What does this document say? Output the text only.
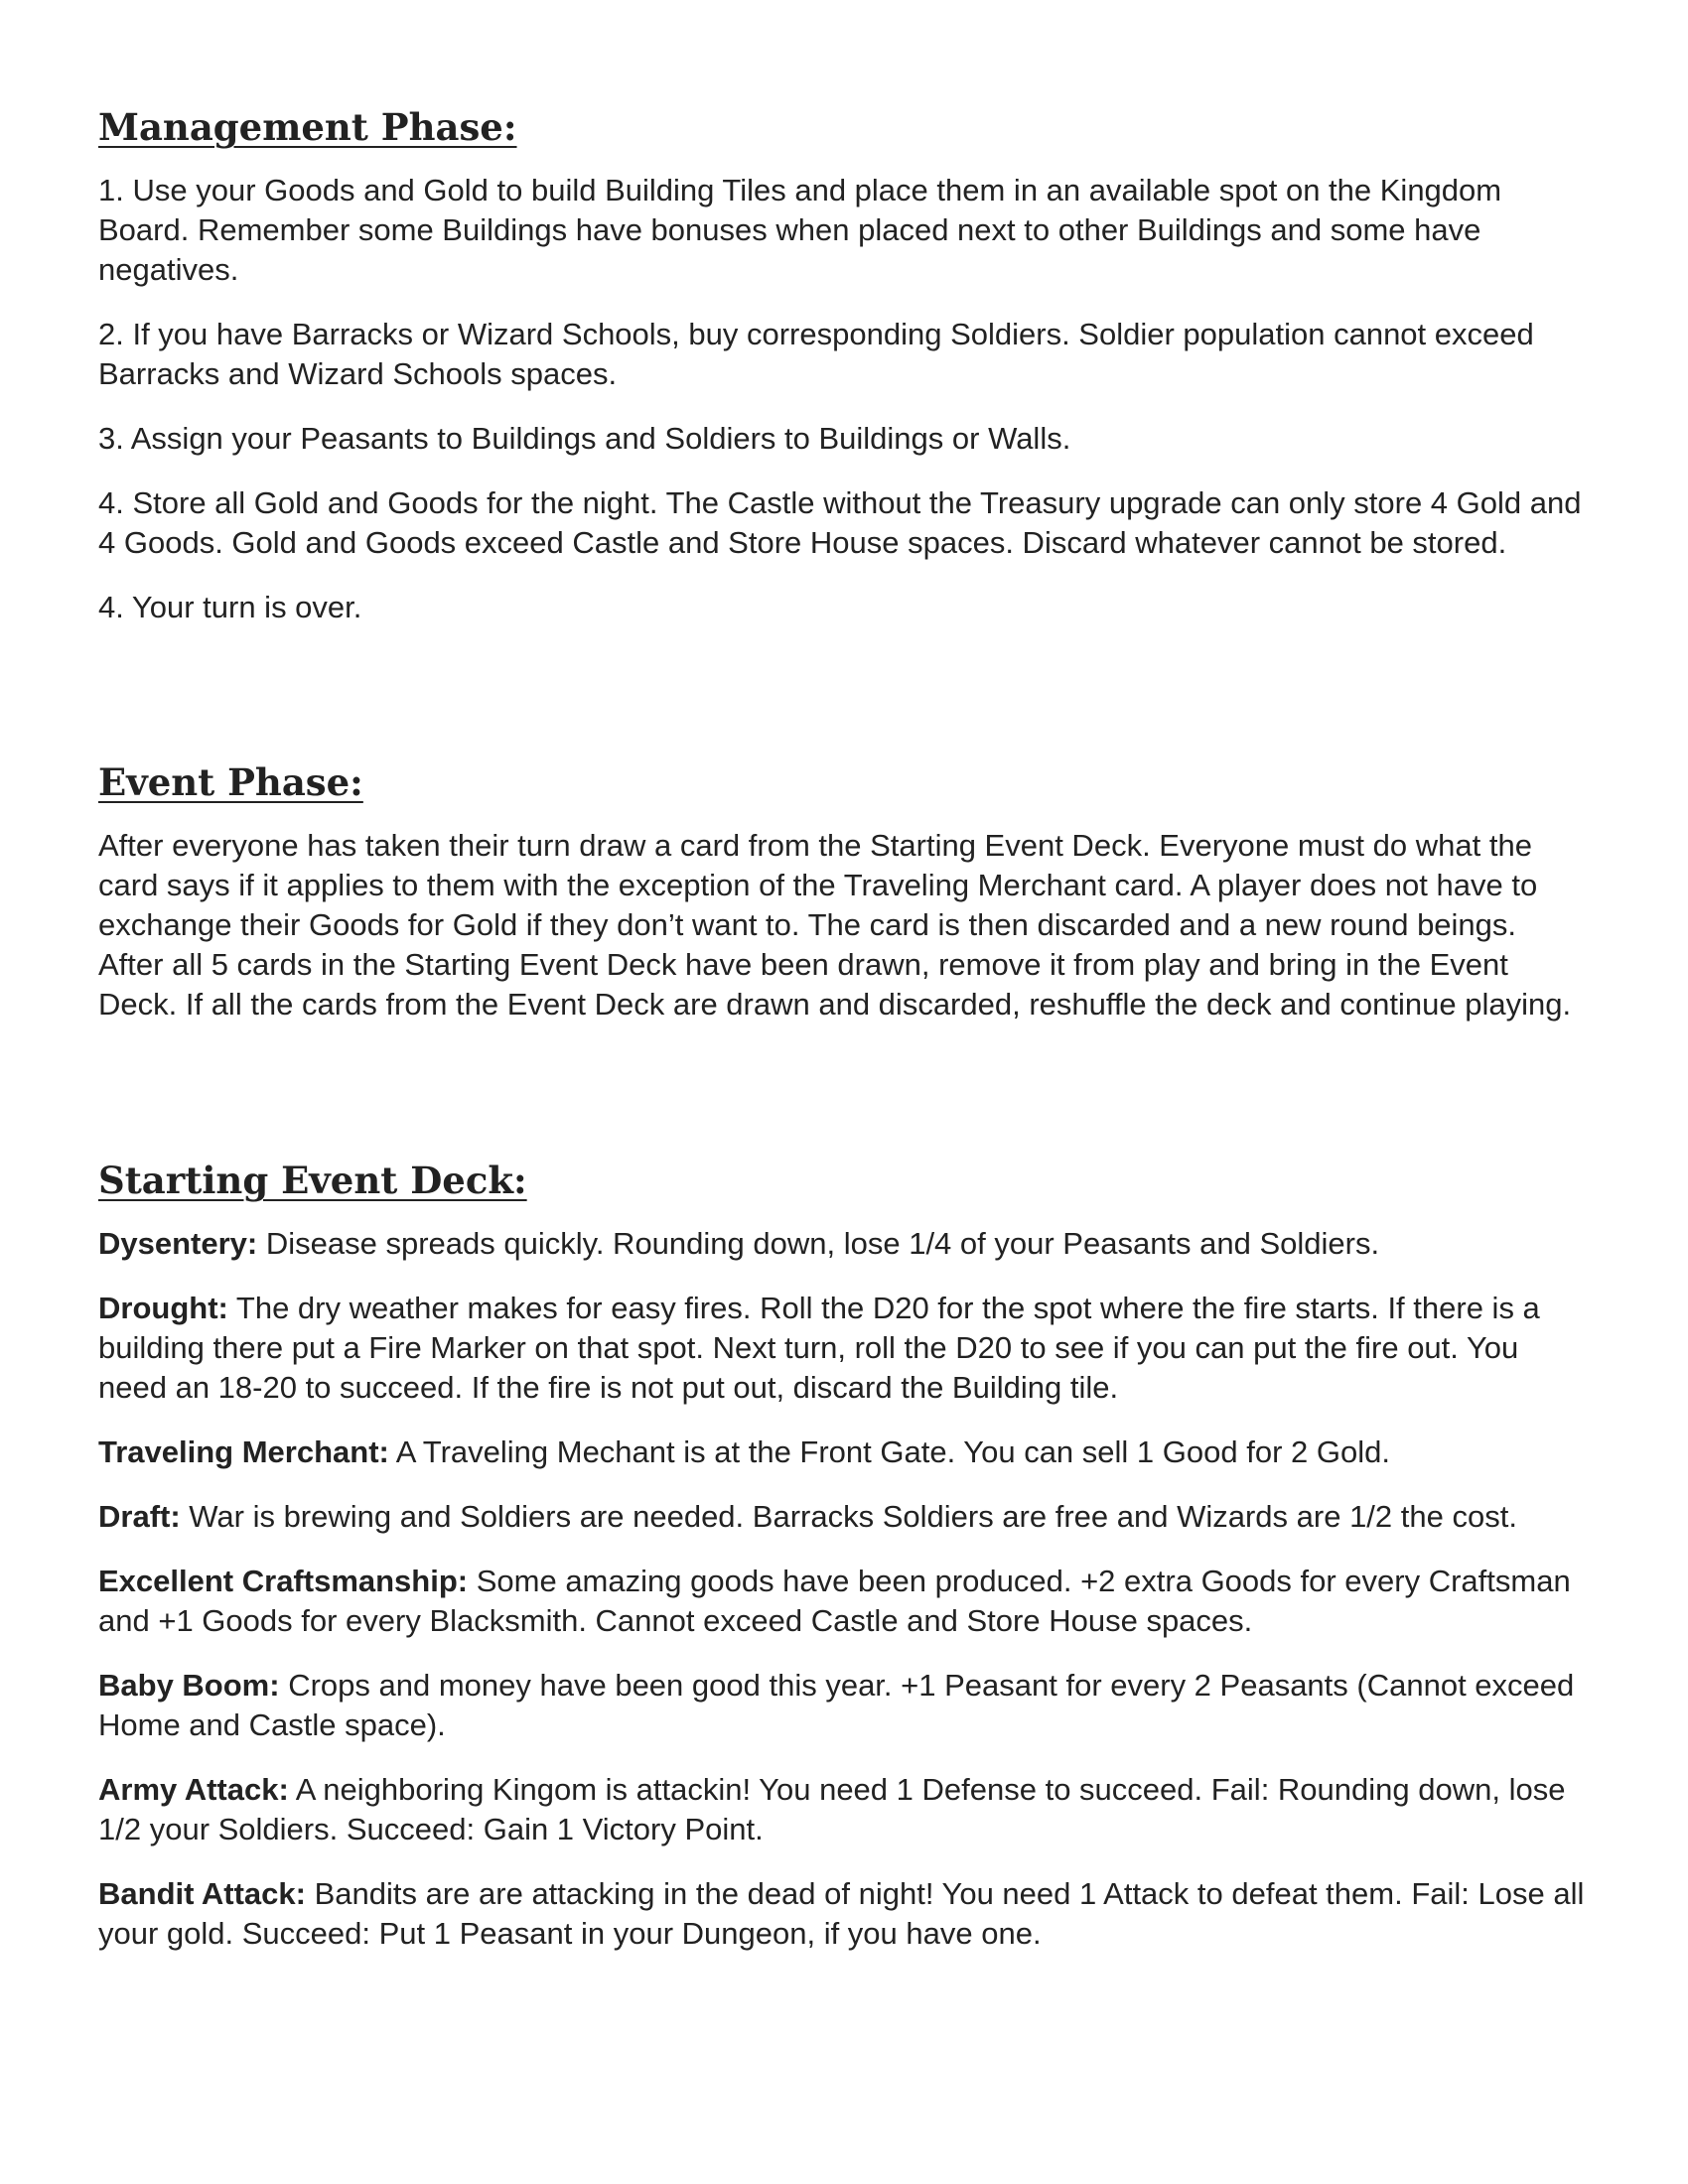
Management Phase:

1. Use your Goods and Gold to build Building Tiles and place them in an available spot on the Kingdom Board. Remember some Buildings have bonuses when placed next to other Buildings and some have negatives.

2. If you have Barracks or Wizard Schools, buy corresponding Soldiers. Soldier population cannot exceed Barracks and Wizard Schools spaces.

3. Assign your Peasants to Buildings and Soldiers to Buildings or Walls.

4. Store all Gold and Goods for the night. The Castle without the Treasury upgrade can only store 4 Gold and 4 Goods. Gold and Goods exceed Castle and Store House spaces. Discard whatever cannot be stored.

4. Your turn is over.

Event Phase:

After everyone has taken their turn draw a card from the Starting Event Deck. Everyone must do what the card says if it applies to them with the exception of the Traveling Merchant card. A player does not have to exchange their Goods for Gold if they don’t want to. The card is then discarded and a new round beings. After all 5 cards in the Starting Event Deck have been drawn, remove it from play and bring in the Event Deck. If all the cards from the Event Deck are drawn and discarded, reshuffle the deck and continue playing.

Starting Event Deck:

Dysentery: Disease spreads quickly. Rounding down, lose 1/4 of your Peasants and Soldiers.

Drought: The dry weather makes for easy fires. Roll the D20 for the spot where the fire starts. If there is a building there put a Fire Marker on that spot. Next turn, roll the D20 to see if you can put the fire out. You need an 18-20 to succeed. If the fire is not put out, discard the Building tile.

Traveling Merchant: A Traveling Mechant is at the Front Gate. You can sell 1 Good for 2 Gold.

Draft: War is brewing and Soldiers are needed. Barracks Soldiers are free and Wizards are 1/2 the cost.

Excellent Craftsmanship: Some amazing goods have been produced. +2 extra Goods for every Craftsman and +1 Goods for every Blacksmith. Cannot exceed Castle and Store House spaces.

Baby Boom: Crops and money have been good this year. +1 Peasant for every 2 Peasants (Cannot exceed Home and Castle space).

Army Attack: A neighboring Kingom is attackin! You need 1 Defense to succeed. Fail: Rounding down, lose 1/2 your Soldiers. Succeed: Gain 1 Victory Point.

Bandit Attack: Bandits are are attacking in the dead of night! You need 1 Attack to defeat them. Fail: Lose all your gold. Succeed: Put 1 Peasant in your Dungeon, if you have one.
